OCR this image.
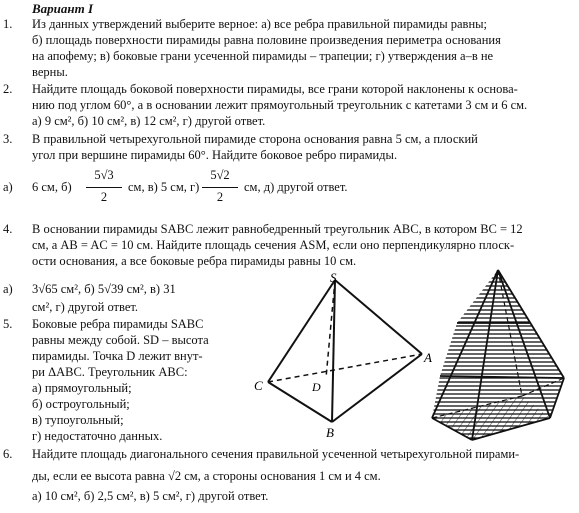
Вариант I
1. Из данных утверждений выберите верное: а) все ребра правильной пирамиды равны;
б) площадь поверхности пирамиды равна половине произведения периметра основания
на апофему; в) боковые грани усеченной пирамиды – трапеции; г) утверждения а–в не
верны.
2. Найдите площадь боковой поверхности пирамиды, все грани которой наклонены к основа-
нию под углом 60°, а в основании лежит прямоугольный треугольник с катетами 3 см и 6 см.
а) 9 см², б) 10 см², в) 12 см², г) другой ответ.
3. В правильной четырехугольной пирамиде сторона основания равна 5 см, а плоский
угол при вершине пирамиды 60°. Найдите боковое ребро пирамиды.
а) 6 см, б)
5√3
2
см, в) 5 см, г)
5√2
2
см, д) другой ответ.
4. В основании пирамиды SABC лежит равнобедренный треугольник ABC, в котором BC = 12
см, а AB = AC = 10 см. Найдите площадь сечения ASM, если оно перпендикулярно плоск-
ости основания, а все боковые ребра пирамиды равны 10 см.
а) 3√65 см², б) 5√39 см², в) 31
см², г) другой ответ.
5. Боковые ребра пирамиды SABC
равны между собой. SD – высота
пирамиды. Точка D лежит внут-
ри ΔABC. Треугольник ABC:
а) прямоугольный;
б) остроугольный;
в) тупоугольный;
г) недостаточно данных.
6. Найдите площадь диагонального сечения правильной усеченной четырехугольной пирами-
ды, если ее высота равна √2 см, а стороны основания 1 см и 4 см.
а) 10 см², б) 2,5 см², в) 5 см², г) другой ответ.
S
A
B
C	D
